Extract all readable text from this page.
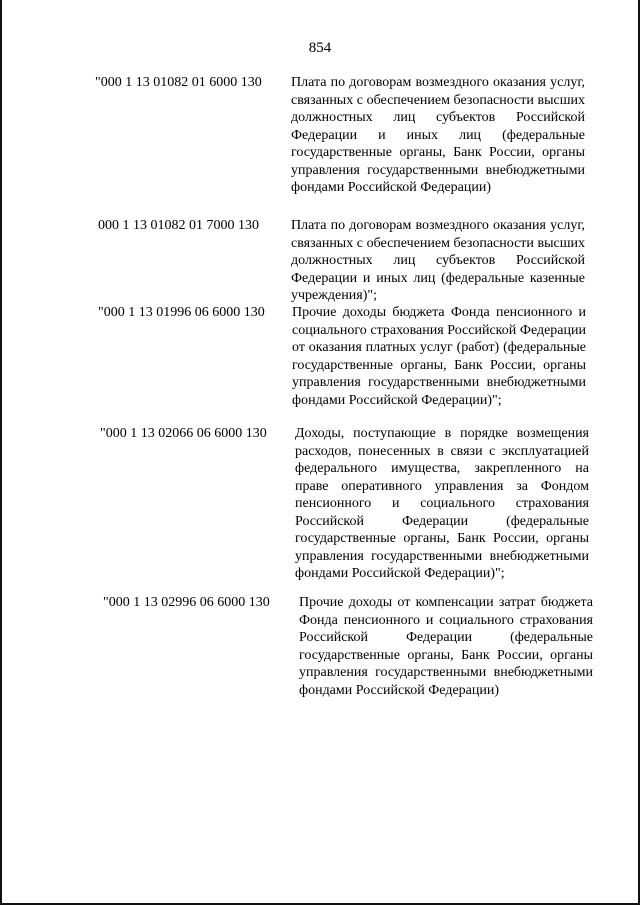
854
"000 1 13 01082 01 6000 130 Плата по договорам возмездного оказания услуг, связанных с обеспечением безопасности высших должностных лиц субъектов Российской Федерации и иных лиц (федеральные государственные органы, Банк России, органы управления государственными внебюджетными фондами Российской Федерации)
000 1 13 01082 01 7000 130 Плата по договорам возмездного оказания услуг, связанных с обеспечением безопасности высших должностных лиц субъектов Российской Федерации и иных лиц (федеральные казенные учреждения)";
"000 1 13 01996 06 6000 130 Прочие доходы бюджета Фонда пенсионного и социального страхования Российской Федерации от оказания платных услуг (работ) (федеральные государственные органы, Банк России, органы управления государственными внебюджетными фондами Российской Федерации)";
"000 1 13 02066 06 6000 130 Доходы, поступающие в порядке возмещения расходов, понесенных в связи с эксплуатацией федерального имущества, закрепленного на праве оперативного управления за Фондом пенсионного и социального страхования Российской Федерации (федеральные государственные органы, Банк России, органы управления государственными внебюджетными фондами Российской Федерации)";
"000 1 13 02996 06 6000 130 Прочие доходы от компенсации затрат бюджета Фонда пенсионного и социального страхования Российской Федерации (федеральные государственные органы, Банк России, органы управления государственными внебюджетными фондами Российской Федерации)
